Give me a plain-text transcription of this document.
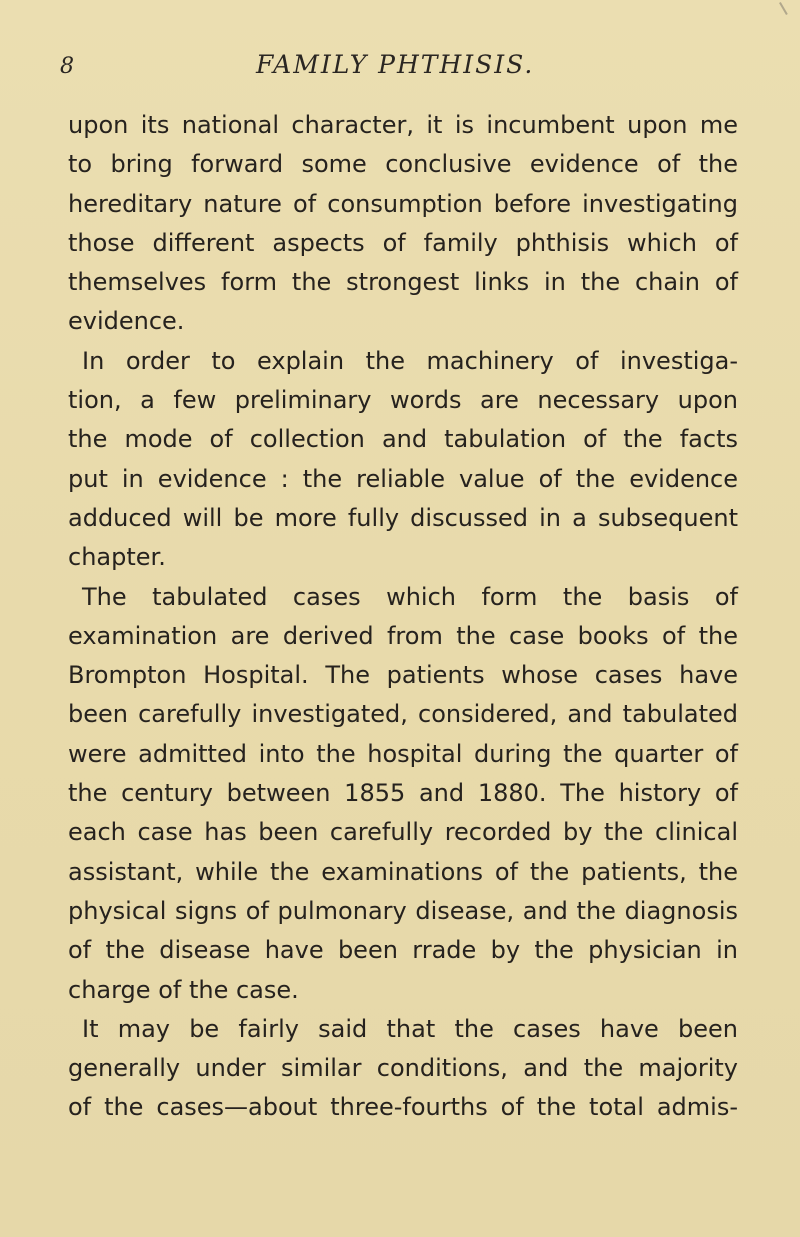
8	FAMILY PHTHISIS.
upon its national character, it is incumbent upon me
to bring forward some conclusive evidence of the
hereditary nature of consumption before investigating
those different aspects of family phthisis which of
themselves form the strongest links in the chain of
evidence.
In order to explain the machinery of investiga-
tion, a few preliminary words are necessary upon
the mode of collection and tabulation of the facts
put in evidence : the reliable value of the evidence
adduced will be more fully discussed in a subsequent
chapter.
The tabulated cases which form the basis of
examination are derived from the case books of the
Brompton Hospital. The patients whose cases have
been carefully investigated, considered, and tabulated
were admitted into the hospital during the quarter of
the century between 1855 and 1880. The history of
each case has been carefully recorded by the clinical
assistant, while the examinations of the patients, the
physical signs of pulmonary disease, and the diagnosis
of the disease have been rrade by the physician in
charge of the case.
It may be fairly said that the cases have been
generally under similar conditions, and the majority
of the cases—about three-fourths of the total admis-
